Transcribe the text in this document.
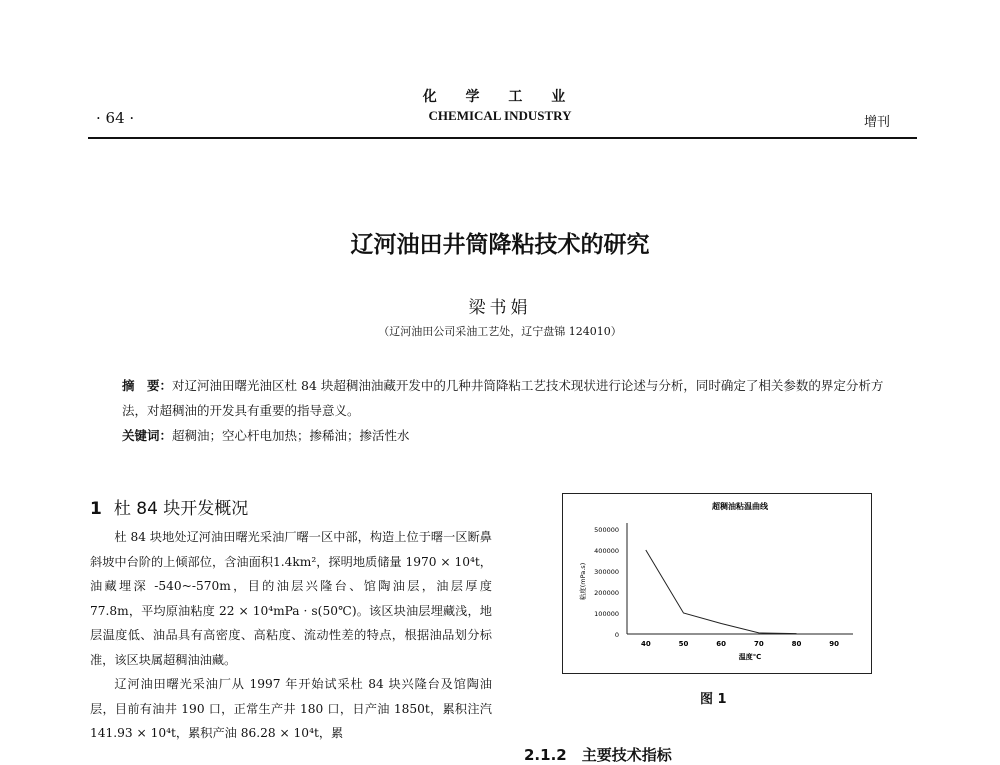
化 学 工 业
CHEMICAL INDUSTRY
· 64 ·	增刊
辽河油田井筒降粘技术的研究
梁书娟
（辽河油田公司采油工艺处，辽宁盘锦 124010）
摘　要：对辽河油田曙光油区杜 84 块超稠油油藏开发中的几种井筒降粘工艺技术现状进行论述与分析，同时确定了相关参数的界定分析方法，对超稠油的开发具有重要的指导意义。
关键词：超稠油；空心杆电加热；掺稀油；掺活性水
1 杜 84 块开发概况

杜 84 块地处辽河油田曙光采油厂曙一区中部，构造上位于曙一区断鼻斜坡中台阶的上倾部位，含油面积1.4km²，探明地质储量 1970 × 10⁴t，油藏埋深 -540~-570m，目的油层兴隆台、馆陶油层，油层厚度 77.8m，平均原油粘度 22 × 10⁴mPa · s(50℃)。该区块油层埋藏浅，地层温度低、油品具有高密度、高粘度、流动性差的特点，根据油品划分标准，该区块属超稠油油藏。

辽河油田曙光采油厂从 1997 年开始试采杜 84 块兴隆台及馆陶油层，目前有油井 190 口，正常生产井 180 口，日产油 1850t，累积注汽 141.93 × 10⁴t，累积产油 86.28 × 10⁴t，累

超稠油粘温曲线
500000
400000
300000
200000
100000
0
40	50	60	70	80	90
温度℃
粘度(mPa.s)
图 1
2.1.2　主要技术指标
